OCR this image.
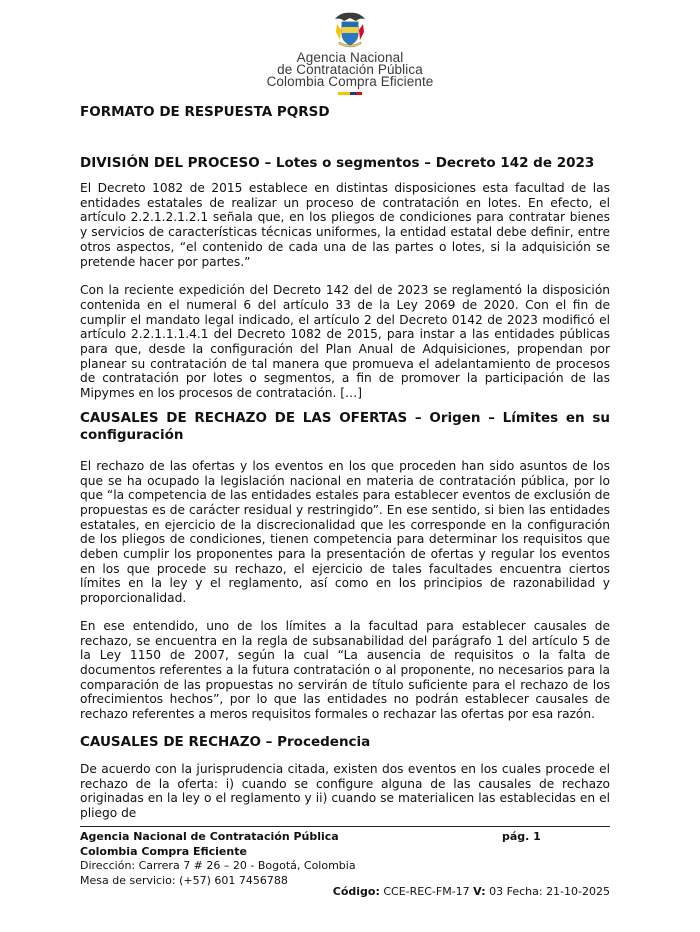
Agencia Nacional
de Contratación Pública
Colombia Compra Eficiente
FORMATO DE RESPUESTA PQRSD
DIVISIÓN DEL PROCESO – Lotes o segmentos – Decreto 142 de 2023

El Decreto 1082 de 2015 establece en distintas disposiciones esta facultad de las entidades estatales de realizar un proceso de contratación en lotes. En efecto, el artículo 2.2.1.2.1.2.1 señala que, en los pliegos de condiciones para contratar bienes y servicios de características técnicas uniformes, la entidad estatal debe definir, entre otros aspectos, “el contenido de cada una de las partes o lotes, si la adquisición se pretende hacer por partes.”

Con la reciente expedición del Decreto 142 del de 2023 se reglamentó la disposición contenida en el numeral 6 del artículo 33 de la Ley 2069 de 2020. Con el fin de cumplir el mandato legal indicado, el artículo 2 del Decreto 0142 de 2023 modificó el artículo 2.2.1.1.1.4.1 del Decreto 1082 de 2015, para instar a las entidades públicas para que, desde la configuración del Plan Anual de Adquisiciones, propendan por planear su contratación de tal manera que promueva el adelantamiento de procesos de contratación por lotes o segmentos, a fin de promover la participación de las Mipymes en los procesos de contratación. […]

CAUSALES DE RECHAZO DE LAS OFERTAS – Origen – Límites en su configuración

El rechazo de las ofertas y los eventos en los que proceden han sido asuntos de los que se ha ocupado la legislación nacional en materia de contratación pública, por lo que “la competencia de las entidades estales para establecer eventos de exclusión de propuestas es de carácter residual y restringido”. En ese sentido, si bien las entidades estatales, en ejercicio de la discrecionalidad que les corresponde en la configuración de los pliegos de condiciones, tienen competencia para determinar los requisitos que deben cumplir los proponentes para la presentación de ofertas y regular los eventos en los que procede su rechazo, el ejercicio de tales facultades encuentra ciertos límites en la ley y el reglamento, así como en los principios de razonabilidad y proporcionalidad.

En ese entendido, uno de los límites a la facultad para establecer causales de rechazo, se encuentra en la regla de subsanabilidad del parágrafo 1 del artículo 5 de la Ley 1150 de 2007, según la cual “La ausencia de requisitos o la falta de documentos referentes a la futura contratación o al proponente, no necesarios para la comparación de las propuestas no servirán de título suficiente para el rechazo de los ofrecimientos hechos”, por lo que las entidades no podrán establecer causales de rechazo referentes a meros requisitos formales o rechazar las ofertas por esa razón.

CAUSALES DE RECHAZO – Procedencia

De acuerdo con la jurisprudencia citada, existen dos eventos en los cuales procede el rechazo de la oferta: i) cuando se configure alguna de las causales de rechazo originadas en la ley o el reglamento y ii) cuando se materialicen las establecidas en el pliego de

Agencia Nacional de Contratación Pública	pág. 1
Colombia Compra Eficiente
Dirección: Carrera 7 # 26 – 20 - Bogotá, Colombia
Mesa de servicio: (+57) 601 7456788
Código: CCE-REC-FM-17 V: 03 Fecha: 21-10-2025
